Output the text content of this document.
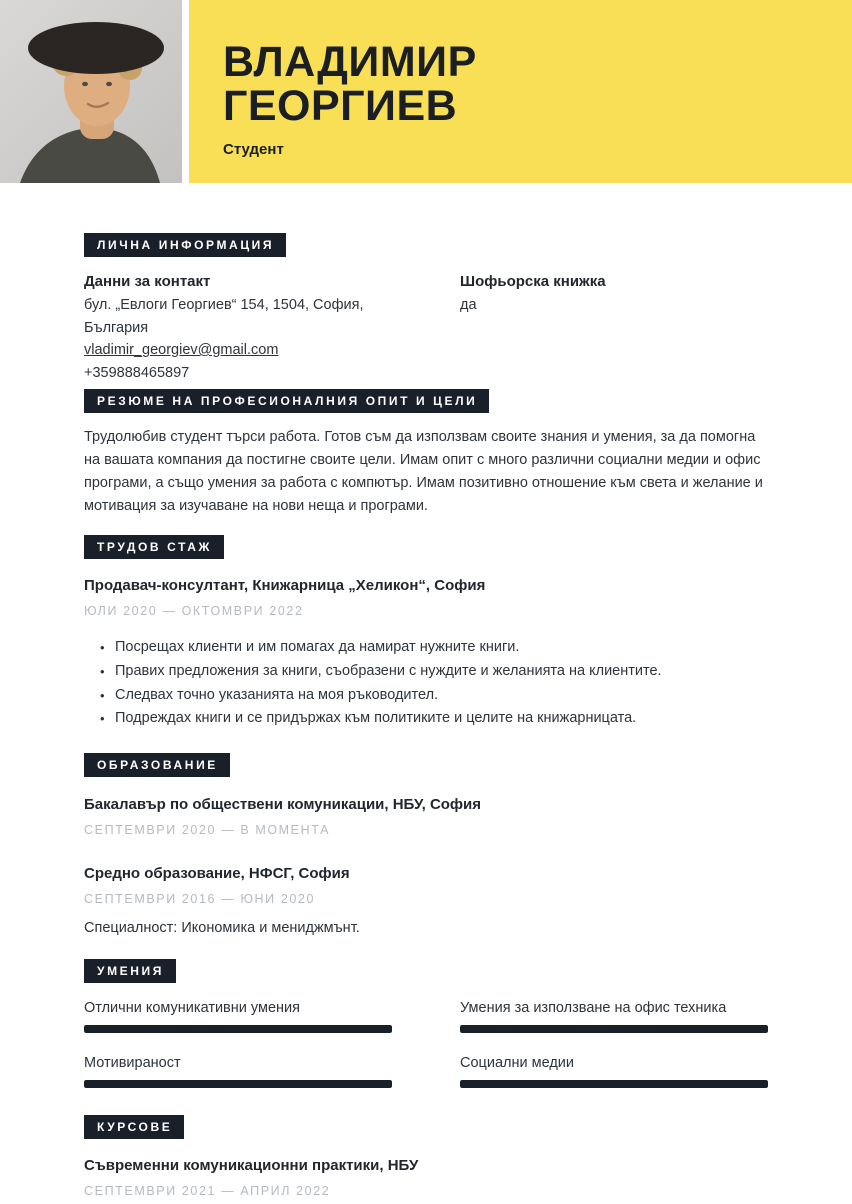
ВЛАДИМИР
ГЕОРГИЕВ
Студент
ЛИЧНА ИНФОРМАЦИЯ
Данни за контакт
бул. „Евлоги Георгиев“ 154, 1504, София,
България
vladimir_georgiev@gmail.com
+359888465897
Шофьорска книжка
да
РЕЗЮМЕ НА ПРОФЕСИОНАЛНИЯ ОПИТ И ЦЕЛИ

Трудолюбив студент търси работа. Готов съм да използвам своите знания и умения, за да помогна на вашата компания да постигне своите цели. Имам опит с много различни социални медии и офис програми, а също умения за работа с компютър. Имам позитивно отношение към света и желание и мотивация за изучаване на нови неща и програми.

ТРУДОВ СТАЖ
Продавач-консултант, Книжарница „Хеликон“, София
ЮЛИ 2020 — ОКТОМВРИ 2022
• Посрещах клиенти и им помагах да намират нужните книги.
• Правих предложения за книги, съобразени с нуждите и желанията на клиентите.
• Следвах точно указанията на моя ръководител.
• Подреждах книги и се придържах към политиките и целите на книжарницата.
ОБРАЗОВАНИЕ
Бакалавър по обществени комуникации, НБУ, София
СЕПТЕМВРИ 2020 — В МОМЕНТА
Средно образование, НФСГ, София
СЕПТЕМВРИ 2016 — ЮНИ 2020
Специалност: Икономика и мениджмънт.
УМЕНИЯ
Отлични комуникативни умения	Умения за използване на офис техника
Мотивираност	Социални медии
КУРСОВЕ
Съвременни комуникационни практики, НБУ
СЕПТЕМВРИ 2021 — АПРИЛ 2022
